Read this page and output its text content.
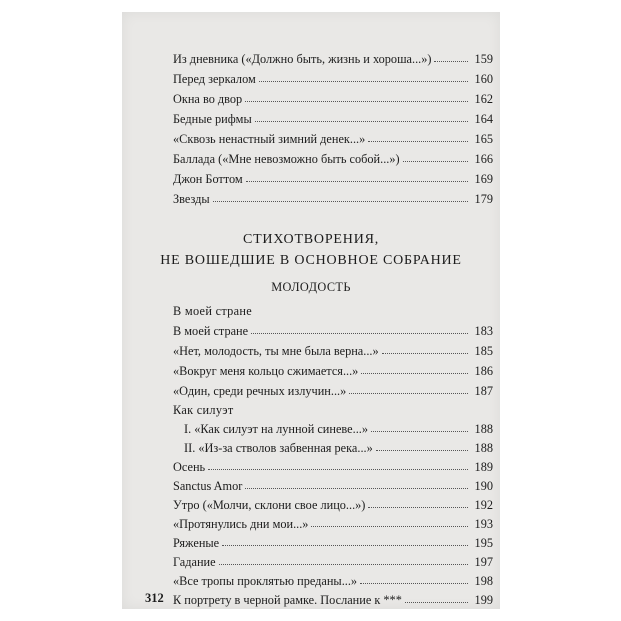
Из дневника («Должно быть, жизнь и хороша...»)	159
Перед зеркалом	160
Окна во двор	162
Бедные рифмы	164
«Сквозь ненастный зимний денек...»	165
Баллада («Мне невозможно быть собой...»)	166
Джон Боттом	169
Звезды	179
СТИХОТВОРЕНИЯ,
НЕ ВОШЕДШИЕ В ОСНОВНОЕ СОБРАНИЕ
МОЛОДОСТЬ
В моей стране
В моей стране	183
«Нет, молодость, ты мне была верна...»	185
«Вокруг меня кольцо сжимается...»	186
«Один, среди речных излучин...»	187
Как силуэт
I. «Как силуэт на лунной синеве...»	188
II. «Из-за стволов забвенная река...»	188
Осень	189
Sanctus Amor	190
Утро («Молчи, склони свое лицо...»)	192
«Протянулись дни мои...»	193
Ряженые	195
Гадание	197
«Все тропы проклятью преданы...»	198
К портрету в черной рамке. Послание к ***	199
312
